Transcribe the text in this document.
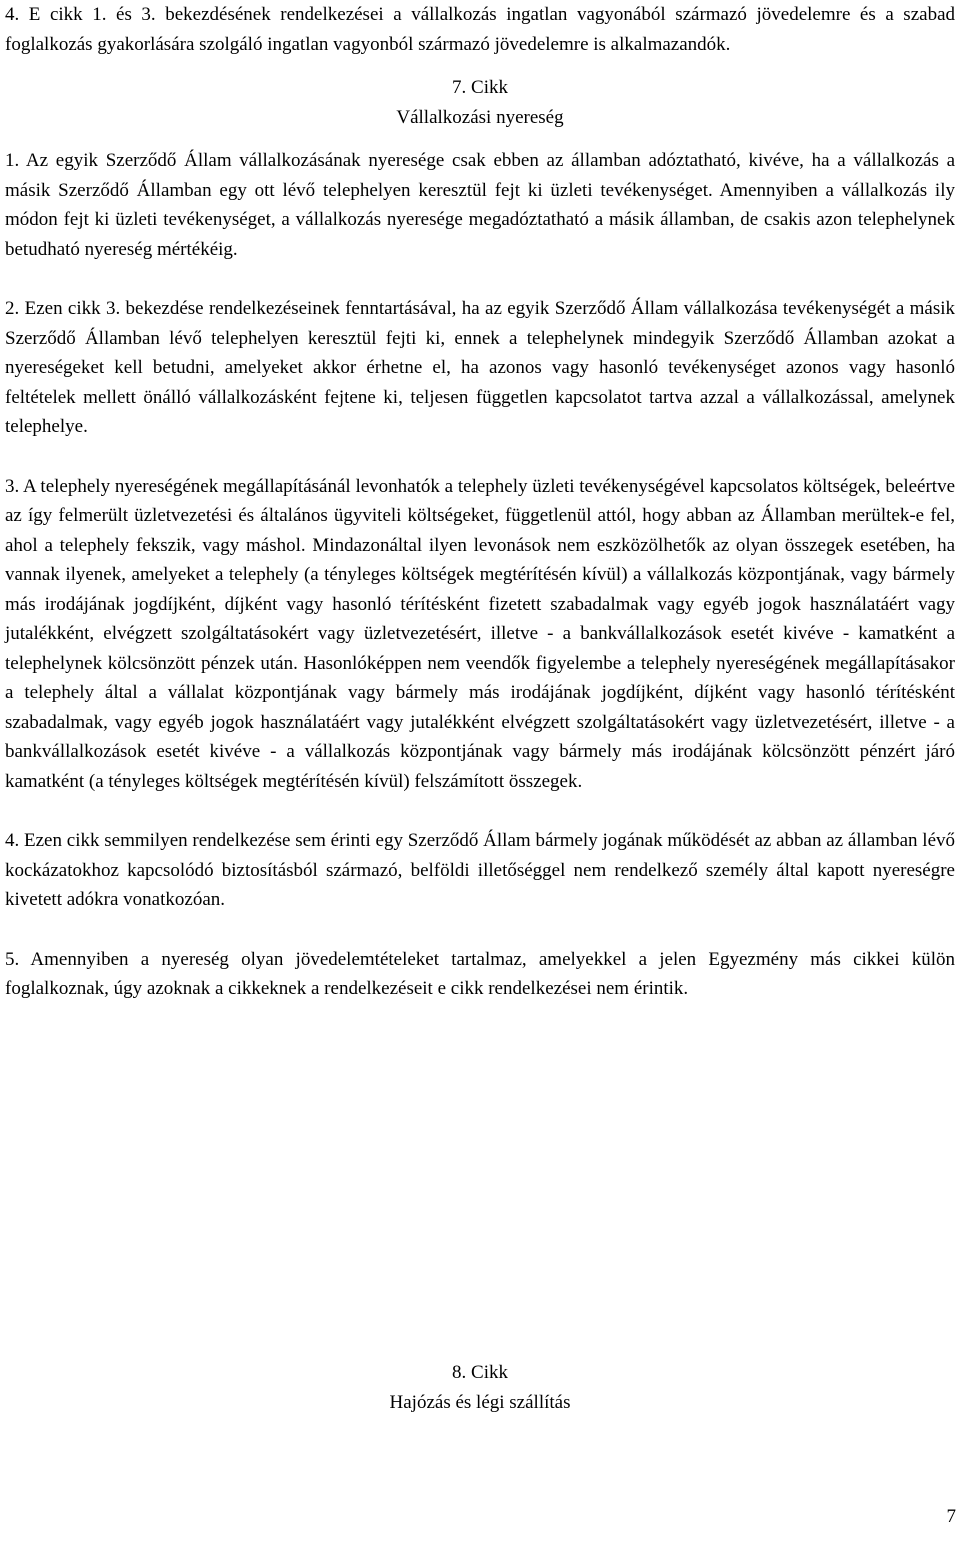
4. E cikk 1. és 3. bekezdésének rendelkezései a vállalkozás ingatlan vagyonából származó jövedelemre és a szabad foglalkozás gyakorlására szolgáló ingatlan vagyonból származó jövedelemre is alkalmazandók.

7. Cikk
Vállalkozási nyereség

1. Az egyik Szerződő Állam vállalkozásának nyeresége csak ebben az államban adóztatható, kivéve, ha a vállalkozás a másik Szerződő Államban egy ott lévő telephelyen keresztül fejt ki üzleti tevékenységet. Amennyiben a vállalkozás ily módon fejt ki üzleti tevékenységet, a vállalkozás nyeresége megadóztatható a másik államban, de csakis azon telephelynek betudható nyereség mértékéig.

2. Ezen cikk 3. bekezdése rendelkezéseinek fenntartásával, ha az egyik Szerződő Állam vállalkozása tevékenységét a másik Szerződő Államban lévő telephelyen keresztül fejti ki, ennek a telephelynek mindegyik Szerződő Államban azokat a nyereségeket kell betudni, amelyeket akkor érhetne el, ha azonos vagy hasonló tevékenységet azonos vagy hasonló feltételek mellett önálló vállalkozásként fejtene ki, teljesen független kapcsolatot tartva azzal a vállalkozással, amelynek telephelye.

3. A telephely nyereségének megállapításánál levonhatók a telephely üzleti tevékenységével kapcsolatos költségek, beleértve az így felmerült üzletvezetési és általános ügyviteli költségeket, függetlenül attól, hogy abban az Államban merültek-e fel, ahol a telephely fekszik, vagy máshol. Mindazonáltal ilyen levonások nem eszközölhetők az olyan összegek esetében, ha vannak ilyenek, amelyeket a telephely (a tényleges költségek megtérítésén kívül) a vállalkozás központjának, vagy bármely más irodájának jogdíjként, díjként vagy hasonló térítésként fizetett szabadalmak vagy egyéb jogok használatáért vagy jutalékként, elvégzett szolgáltatásokért vagy üzletvezetésért, illetve - a bankvállalkozások esetét kivéve - kamatként a telephelynek kölcsönzött pénzek után. Hasonlóképpen nem veendők figyelembe a telephely nyereségének megállapításakor a telephely által a vállalat központjának vagy bármely más irodájának jogdíjként, díjként vagy hasonló térítésként szabadalmak, vagy egyéb jogok használatáért vagy jutalékként elvégzett szolgáltatásokért vagy üzletvezetésért, illetve - a bankvállalkozások esetét kivéve - a vállalkozás központjának vagy bármely más irodájának kölcsönzött pénzért járó kamatként (a tényleges költségek megtérítésén kívül) felszámított összegek.

4. Ezen cikk semmilyen rendelkezése sem érinti egy Szerződő Állam bármely jogának működését az abban az államban lévő kockázatokhoz kapcsolódó biztosításból származó, belföldi illetőséggel nem rendelkező személy által kapott nyereségre kivetett adókra vonatkozóan.

5. Amennyiben a nyereség olyan jövedelemtételeket tartalmaz, amelyekkel a jelen Egyezmény más cikkei külön foglalkoznak, úgy azoknak a cikkeknek a rendelkezéseit e cikk rendelkezései nem érintik.

8. Cikk
Hajózás és légi szállítás
7
